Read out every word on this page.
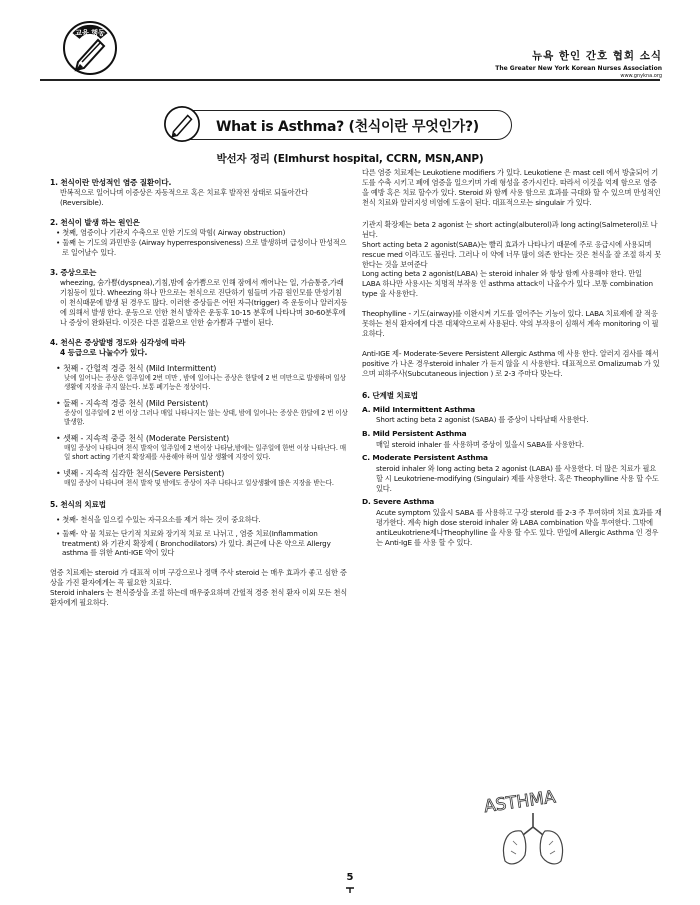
교육 행동
뉴욕 한인 간호 협회 소식
The Greater New York Korean Nurses Association
www.gnykna.org
What is Asthma? (천식이란 무엇인가?)
박선자 정리 (Elmhurst hospital, CCRN, MSN,ANP)
1. 천식이란 만성적인 염증 질환이다.

반복적으로 일어나며 이증상은 자동적으로 혹은 치료후 발작전 상태로 되돌아간다(Reversible).

2. 천식이 발생 하는 원인은

• 첫째, 염증이나 기관지 수축으로 인한 기도의 막힘( Airway obstruction)

• 둘째 는 기도의 과민반응 (Airway hyperresponsiveness) 으로 발생하며 급성이나 만성적으로 일어날수 있다.

3. 증상으로는

wheezing, 숨가쁨(dyspnea),기침,밤에 숨가쁨으로 인해 잠에서 깨어나는 일, 가슴통증,가래 기침등이 있다. Wheezing 하나 만으로는 천식으로 진단하기 힘들며 가끔 원인모를 만성기침이 천식때문에 발생 된 경우도 많다. 이러한 증상들은 어떤 자극(trigger) 즉 운동이나 알러지등에 의해서 발생 한다. 운동으로 인한 천식 발작은 운동후 10-15 분후에 나타나며 30-60분후에나 증상이 완화된다. 이것은 다른 질환으로 인한 숨가쁨과 구별이 된다.

4. 천식은 증상발병 정도와 심각성에 따라
4 등급으로 나눌수가 있다.

• 첫째 - 간헐적 경증 천식 (Mild Intermittent)

낮에 일어나는 증상은 일주일에 2번 미만 , 밤에 일어나는 증상은 한달에 2 번 미만으로 발생하며 일상생활에 지장을 주지 않는다. 보통 폐기능은 정상이다.

• 둘째 - 지속적 경증 천식 (Mild Persistent)

증상이 일주일에 2 번 이상 그러나 매일 나타나지는 않는 상태, 밤에 일어나는 증상은 한달에 2 번 이상 발생함.

• 셋째 - 지속적 중증 천식 (Moderate Persistent)

매일 증상이 나타나며 천식 발작이 일주일에 2 번이상 나타남,밤에는 일주일에 한번 이상 나타난다. 매일 short acting 기관지 확장제를 사용해야 하며 일상 생활에 지장이 있다.

• 넷째 - 지속적 심각한 천식(Severe Persistent)

매일 증상이 나타나며 천식 발작 및 밤에도 증상이 자주 나타나고 일상생활에 많은 지장을 받는다.

5. 천식의 치료법

• 첫째- 천식을 일으킬 수있는 자극요소를 제거 하는 것이 중요하다.

• 둘째- 약 물 치료는 단기적 치료와 장기적 치료 로 나뉘고 , 염증 치료(Inflammation treatment) 와 기관지 확장제 ( Bronchodilators) 가 있다. 최근에 나온 약으로 Allergy asthma 를 위한 Anti-IGE 약이 있다

염증 치료제는 steroid 가 대표적 이며 구강으로나 정맥 주사 steroid 는 매우 효과가 좋고 심한 증상을 가진 환자에게는 꼭 필요한 치료다.

Steroid inhalers 는 천식증상을 조절 하는데 매우중요하며 간헐적 경증 천식 환자 이외 모든 천식환자에게 필요하다.

다른 염증 치료제는 Leukotiene modifiers 가 있다. Leukotiene 은 mast cell 에서 방출되어 기도를 수축 시키고 폐에 염증을 일으키며 가래 형성을 증가시킨다. 따라서 이것을 억제 함으로 염증을 예방 혹은 치료 할수가 있다. Steroid 와 함께 사용 함으로 효과를 극대화 할 수 있으며 만성적인 천식 치료와 알러지성 비염에 도움이 된다. 대표적으로는 singulair 가 있다.

기관지 확장제는 beta 2 agonist 는 short acting(albuterol)과 long acting(Salmeterol)로 나뉜다.

Short acting beta 2 agonist(SABA)는 빨리 효과가 나타나기 때문에 주로 응급시에 사용되며 rescue med 이라고도 불린다. 그러나 이 약에 너무 많이 의존 한다는 것은 천식을 잘 조절 하지 못한다는 것을 보여준다

Long acting beta 2 agonist(LABA) 는 steroid inhaler 와 항상 함께 사용해야 한다. 만일 LABA 하나만 사용시는 치명적 부작용 인 asthma attack이 나올수가 있다 .보통 combination type 을 사용한다.

Theophylline - 기도(airway)를 이완시켜 기도를 열어주는 기능이 있다. LABA 치료제에 잘 적응 못하는 천식 환자에게 다른 대체약으로써 사용된다. 약의 부작용이 심해서 계속 monitoring 이 필요하다.

Anti-IGE 제- Moderate-Severe Persistent Allergic Asthma 에 사용 한다. 알러지 검사를 해서 positive 가 나온 경우steroid inhaler 가 듣지 않을 시 사용한다. 대표적으로 Omalizumab 가 있으며 피하주사(Subcutaneous injection ) 로 2-3 주마다 맞는다.

6. 단계별 치료법

A. Mild Intermittent Asthma

Short acting beta 2 agonist (SABA) 를 증상이 나타날때 사용한다.

B. Mild Persistent Asthma

매일 steroid inhaler 를 사용하며 증상이 있을시 SABA를 사용한다.

C. Moderate Persistent Asthma

steroid inhaler 와 long acting beta 2 agonist (LABA) 를 사용한다. 더 많은 치료가 필요할 시 Leukotriene-modifying (Singulair) 제를 사용한다. 혹은 Theophylline 사용 할 수도 있다.

D. Severe Asthma

Acute symptom 있을시 SABA 를 사용하고 구강 sterold 를 2-3 주 투여하며 치료 효과를 재평가한다. 계속 high dose steroid inhaler 와 LABA combination 약을 투여한다. 그밖에 antiLeukotriene제나Theophylline 을 사용 할 수도 있다. 만일에 Allergic Asthma 인 경우는 Anti-IgE 를 사용 할 수 있다.

ASTHMA
5
